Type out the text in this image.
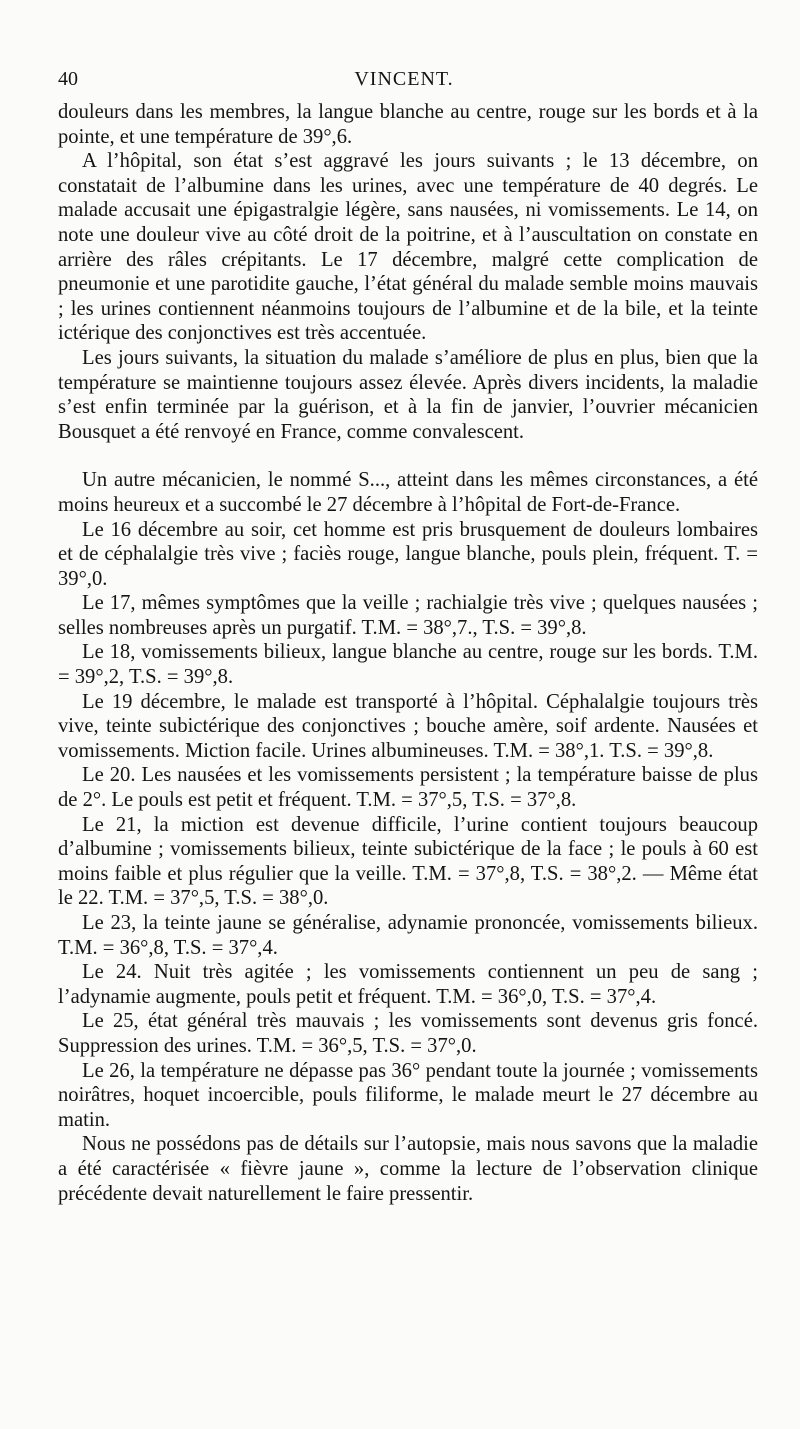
40	VINCENT.

douleurs dans les membres, la langue blanche au centre, rouge sur les bords et à la pointe, et une température de 39°,6.

A l’hôpital, son état s’est aggravé les jours suivants ; le 13 décembre, on constatait de l’albumine dans les urines, avec une température de 40 degrés. Le malade accusait une épigastralgie légère, sans nausées, ni vomissements. Le 14, on note une douleur vive au côté droit de la poitrine, et à l’auscultation on constate en arrière des râles crépitants. Le 17 décembre, malgré cette complication de pneumonie et une parotidite gauche, l’état général du malade semble moins mauvais ; les urines contiennent néanmoins toujours de l’albumine et de la bile, et la teinte ictérique des conjonctives est très accentuée.

Les jours suivants, la situation du malade s’améliore de plus en plus, bien que la température se maintienne toujours assez élevée. Après divers incidents, la maladie s’est enfin terminée par la guérison, et à la fin de janvier, l’ouvrier mécanicien Bousquet a été renvoyé en France, comme convalescent.

Un autre mécanicien, le nommé S..., atteint dans les mêmes circonstances, a été moins heureux et a succombé le 27 décembre à l’hôpital de Fort-de-France.

Le 16 décembre au soir, cet homme est pris brusquement de douleurs lombaires et de céphalalgie très vive ; faciès rouge, langue blanche, pouls plein, fréquent. T. = 39°,0.

Le 17, mêmes symptômes que la veille ; rachialgie très vive ; quelques nausées ; selles nombreuses après un purgatif. T.M. = 38°,7., T.S. = 39°,8.

Le 18, vomissements bilieux, langue blanche au centre, rouge sur les bords. T.M. = 39°,2, T.S. = 39°,8.

Le 19 décembre, le malade est transporté à l’hôpital. Céphalalgie toujours très vive, teinte subictérique des conjonctives ; bouche amère, soif ardente. Nausées et vomissements. Miction facile. Urines albumineuses. T.M. = 38°,1. T.S. = 39°,8.

Le 20. Les nausées et les vomissements persistent ; la température baisse de plus de 2°. Le pouls est petit et fréquent. T.M. = 37°,5, T.S. = 37°,8.

Le 21, la miction est devenue difficile, l’urine contient toujours beaucoup d’albumine ; vomissements bilieux, teinte subictérique de la face ; le pouls à 60 est moins faible et plus régulier que la veille. T.M. = 37°,8, T.S. = 38°,2. — Même état le 22. T.M. = 37°,5, T.S. = 38°,0.

Le 23, la teinte jaune se généralise, adynamie prononcée, vomissements bilieux. T.M. = 36°,8, T.S. = 37°,4.

Le 24. Nuit très agitée ; les vomissements contiennent un peu de sang ; l’adynamie augmente, pouls petit et fréquent. T.M. = 36°,0, T.S. = 37°,4.

Le 25, état général très mauvais ; les vomissements sont devenus gris foncé. Suppression des urines. T.M. = 36°,5, T.S. = 37°,0.

Le 26, la température ne dépasse pas 36° pendant toute la journée ; vomissements noirâtres, hoquet incoercible, pouls filiforme, le malade meurt le 27 décembre au matin.

Nous ne possédons pas de détails sur l’autopsie, mais nous savons que la maladie a été caractérisée « fièvre jaune », comme la lecture de l’observation clinique précédente devait naturellement le faire pressentir.
